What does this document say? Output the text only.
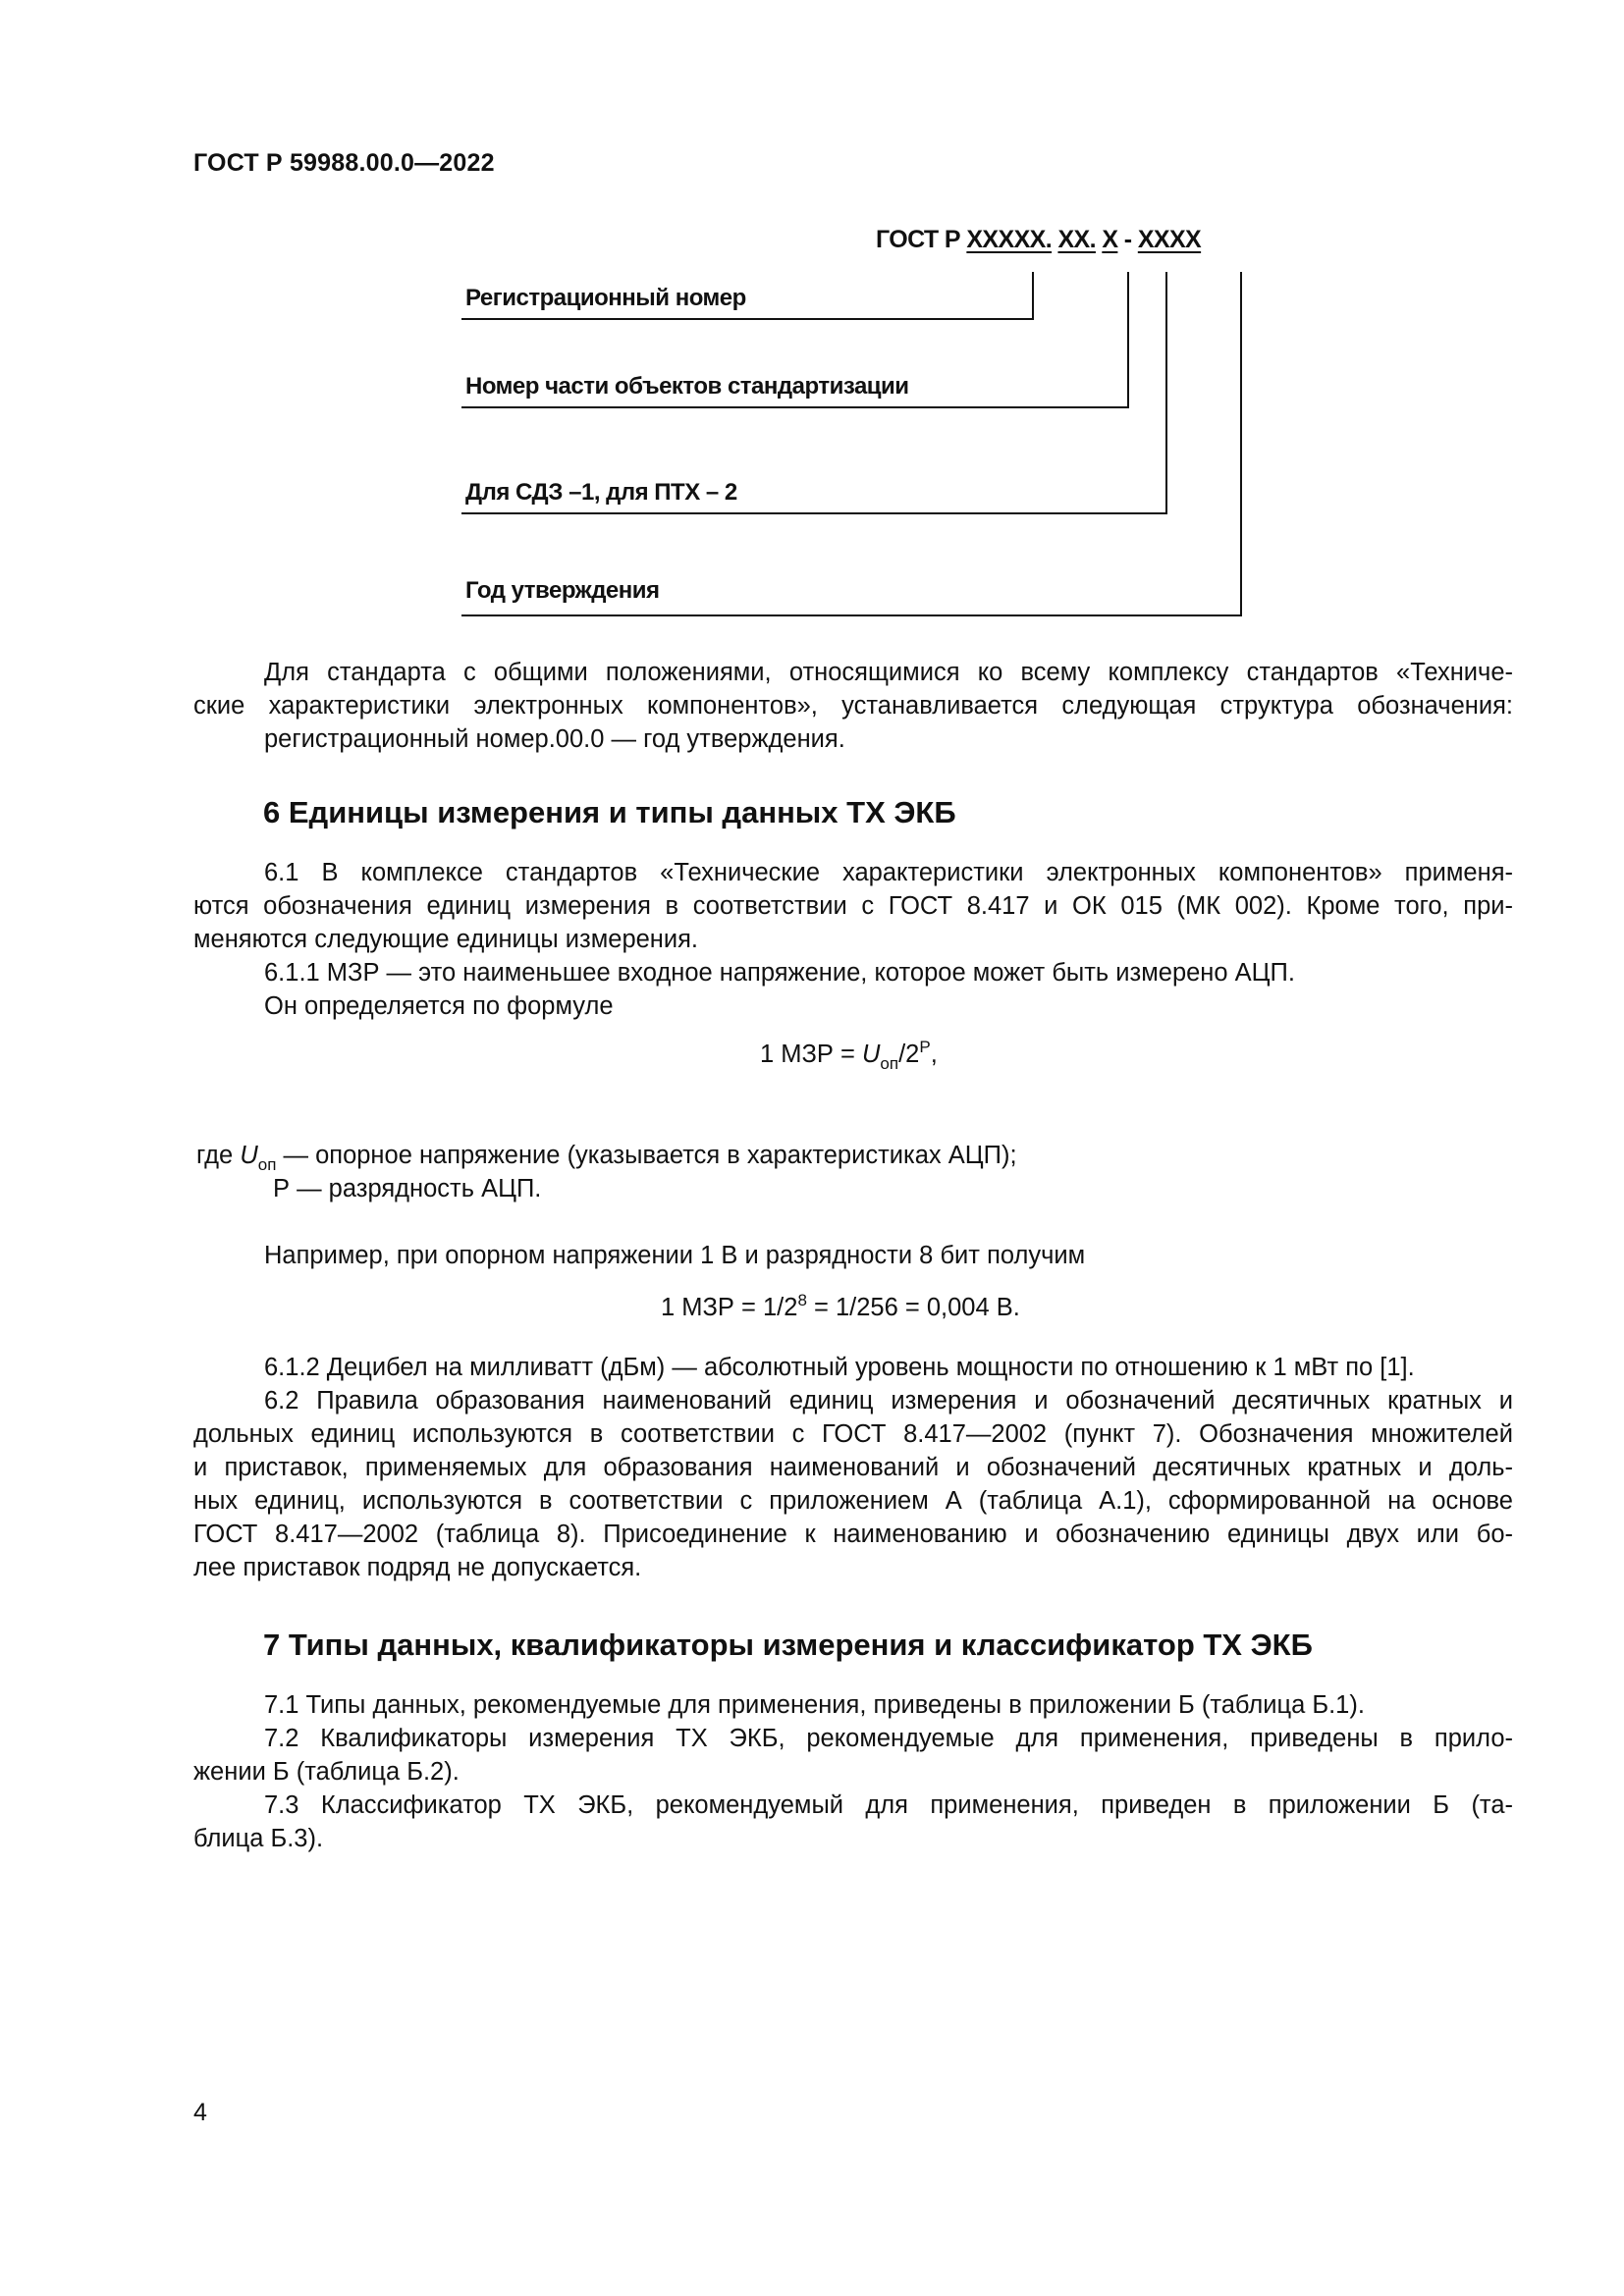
ГОСТ Р 59988.00.0—2022
ГОСТ Р ХХХХХ. ХХ. Х - ХХХХ
Регистрационный номер
Номер части объектов стандартизации
Для СДЗ –1, для ПТХ – 2
Год утверждения
Для стандарта с общими положениями, относящимися ко всему комплексу стандартов «Техниче-
ские характеристики электронных компонентов», устанавливается следующая структура обозначения:
регистрационный номер.00.0 — год утверждения.
6 Единицы измерения и типы данных ТХ ЭКБ
6.1 В комплексе стандартов «Технические характеристики электронных компонентов» применя-
ются обозначения единиц измерения в соответствии с ГОСТ 8.417 и ОК 015 (МК 002). Кроме того, при-
меняются следующие единицы измерения.
6.1.1 МЗР — это наименьшее входное напряжение, которое может быть измерено АЦП.
Он определяется по формуле
1 МЗР = $U_{оп}/2^Р$,
где $U_{оп}$ — опорное напряжение (указывается в характеристиках АЦП);
Р — разрядность АЦП.
Например, при опорном напряжении 1 В и разрядности 8 бит получим
1 МЗР = $1/2^8 = 1/256 = 0,004$ В.
6.1.2 Децибел на милливатт (дБм) — абсолютный уровень мощности по отношению к 1 мВт по [1].
6.2 Правила образования наименований единиц измерения и обозначений десятичных кратных и
дольных единиц используются в соответствии с ГОСТ 8.417—2002 (пункт 7). Обозначения множителей
и приставок, применяемых для образования наименований и обозначений десятичных кратных и доль-
ных единиц, используются в соответствии с приложением А (таблица А.1), сформированной на основе
ГОСТ 8.417—2002 (таблица 8). Присоединение к наименованию и обозначению единицы двух или бо-
лее приставок подряд не допускается.
7 Типы данных, квалификаторы измерения и классификатор ТХ ЭКБ
7.1 Типы данных, рекомендуемые для применения, приведены в приложении Б (таблица Б.1).
7.2 Квалификаторы измерения ТХ ЭКБ, рекомендуемые для применения, приведены в прило-
жении Б (таблица Б.2).
7.3 Классификатор ТХ ЭКБ, рекомендуемый для применения, приведен в приложении Б (та-
блица Б.3).
4
